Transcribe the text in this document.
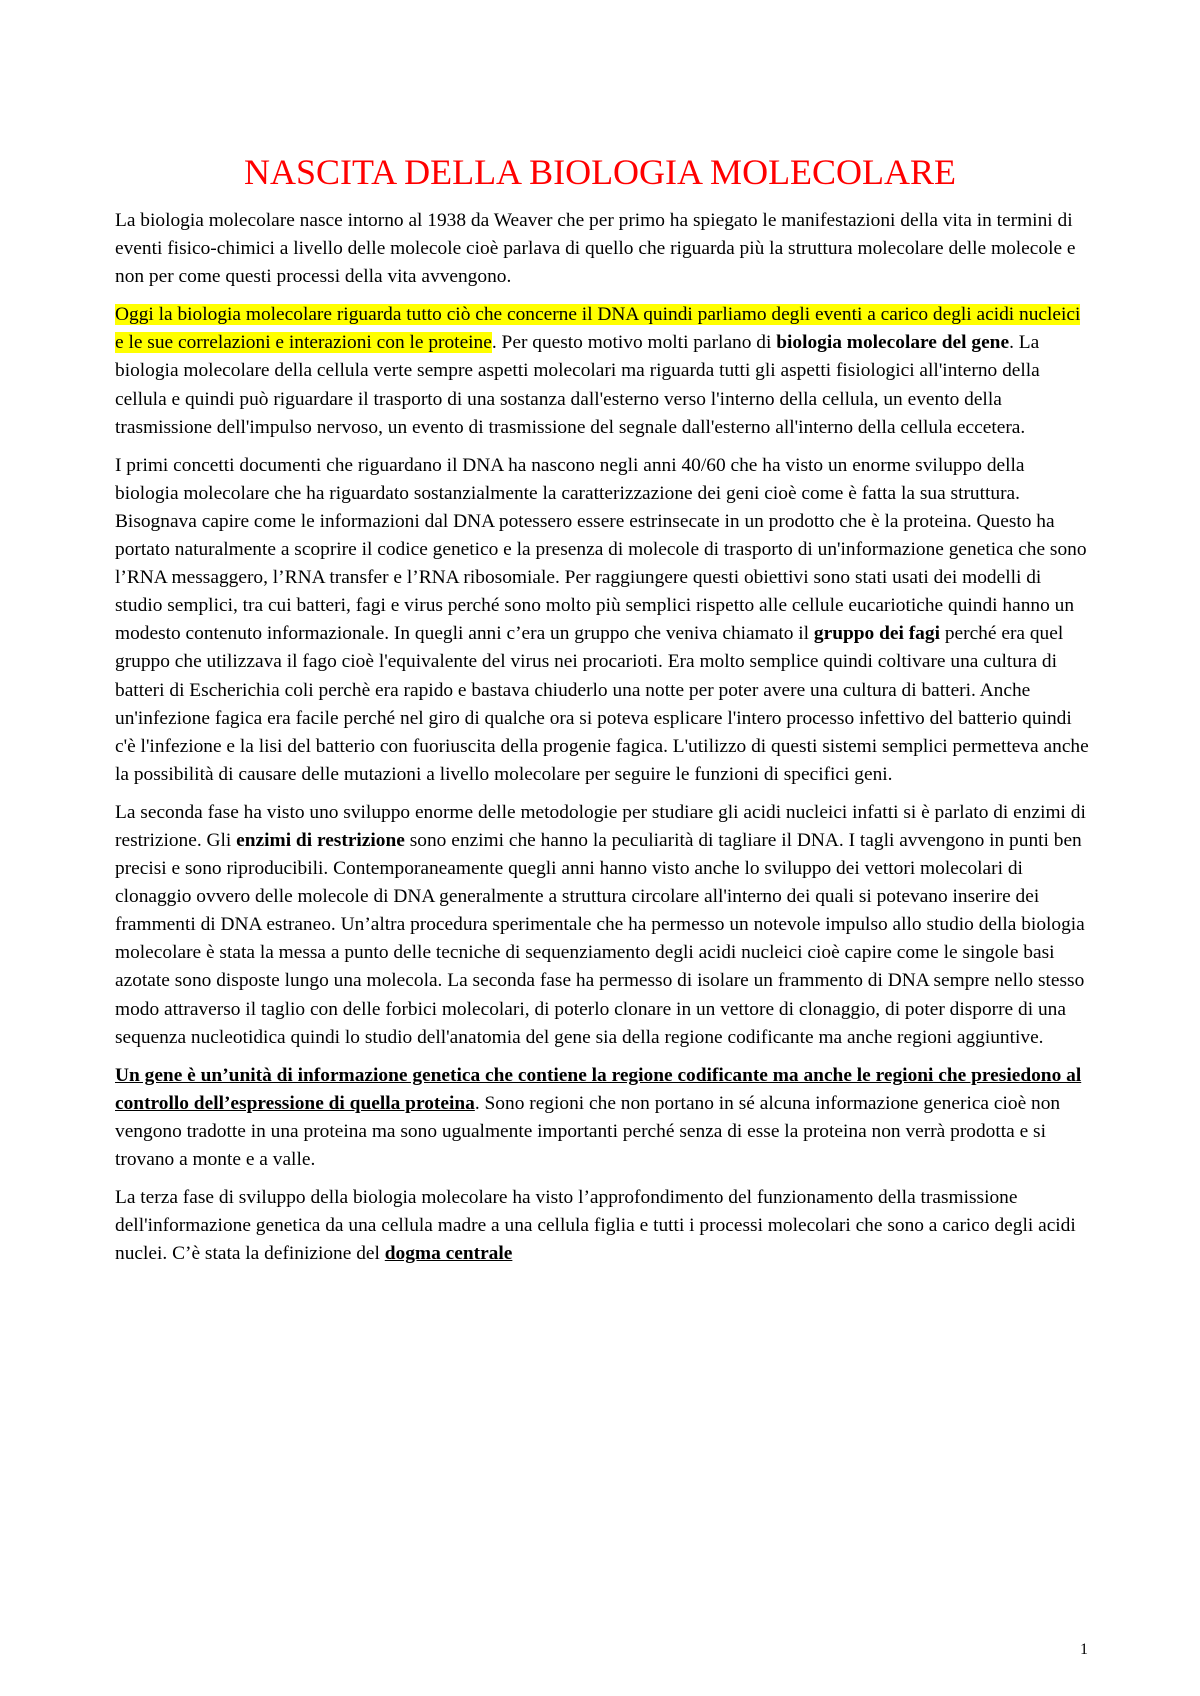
NASCITA DELLA BIOLOGIA MOLECOLARE

La biologia molecolare nasce intorno al 1938 da Weaver che per primo ha spiegato le manifestazioni della vita in termini di eventi fisico-chimici a livello delle molecole cioè parlava di quello che riguarda più la struttura molecolare delle molecole e non per come questi processi della vita avvengono.

Oggi la biologia molecolare riguarda tutto ciò che concerne il DNA quindi parliamo degli eventi a carico degli acidi nucleici e le sue correlazioni e interazioni con le proteine. Per questo motivo molti parlano di biologia molecolare del gene. La biologia molecolare della cellula verte sempre aspetti molecolari ma riguarda tutti gli aspetti fisiologici all'interno della cellula e quindi può riguardare il trasporto di una sostanza dall'esterno verso l'interno della cellula, un evento della trasmissione dell'impulso nervoso, un evento di trasmissione del segnale dall'esterno all'interno della cellula eccetera.

I primi concetti documenti che riguardano il DNA ha nascono negli anni 40/60 che ha visto un enorme sviluppo della biologia molecolare che ha riguardato sostanzialmente la caratterizzazione dei geni cioè come è fatta la sua struttura. Bisognava capire come le informazioni dal DNA potessero essere estrinsecate in un prodotto che è la proteina. Questo ha portato naturalmente a scoprire il codice genetico e la presenza di molecole di trasporto di un'informazione genetica che sono l’RNA messaggero, l’RNA transfer e l’RNA ribosomiale. Per raggiungere questi obiettivi sono stati usati dei modelli di studio semplici, tra cui batteri, fagi e virus perché sono molto più semplici rispetto alle cellule eucariotiche quindi hanno un modesto contenuto informazionale. In quegli anni c’era un gruppo che veniva chiamato il gruppo dei fagi perché era quel gruppo che utilizzava il fago cioè l'equivalente del virus nei procarioti. Era molto semplice quindi coltivare una cultura di batteri di Escherichia coli perchè era rapido e bastava chiuderlo una notte per poter avere una cultura di batteri. Anche un'infezione fagica era facile perché nel giro di qualche ora si poteva esplicare l'intero processo infettivo del batterio quindi c'è l'infezione e la lisi del batterio con fuoriuscita della progenie fagica. L'utilizzo di questi sistemi semplici permetteva anche la possibilità di causare delle mutazioni a livello molecolare per seguire le funzioni di specifici geni.

La seconda fase ha visto uno sviluppo enorme delle metodologie per studiare gli acidi nucleici infatti si è parlato di enzimi di restrizione. Gli enzimi di restrizione sono enzimi che hanno la peculiarità di tagliare il DNA. I tagli avvengono in punti ben precisi e sono riproducibili. Contemporaneamente quegli anni hanno visto anche lo sviluppo dei vettori molecolari di clonaggio ovvero delle molecole di DNA generalmente a struttura circolare all'interno dei quali si potevano inserire dei frammenti di DNA estraneo. Un’altra procedura sperimentale che ha permesso un notevole impulso allo studio della biologia molecolare è stata la messa a punto delle tecniche di sequenziamento degli acidi nucleici cioè capire come le singole basi azotate sono disposte lungo una molecola. La seconda fase ha permesso di isolare un frammento di DNA sempre nello stesso modo attraverso il taglio con delle forbici molecolari, di poterlo clonare in un vettore di clonaggio, di poter disporre di una sequenza nucleotidica quindi lo studio dell'anatomia del gene sia della regione codificante ma anche regioni aggiuntive.

Un gene è un’unità di informazione genetica che contiene la regione codificante ma anche le regioni che presiedono al controllo dell’espressione di quella proteina. Sono regioni che non portano in sé alcuna informazione generica cioè non vengono tradotte in una proteina ma sono ugualmente importanti perché senza di esse la proteina non verrà prodotta e si trovano a monte e a valle.

La terza fase di sviluppo della biologia molecolare ha visto l’approfondimento del funzionamento della trasmissione dell'informazione genetica da una cellula madre a una cellula figlia e tutti i processi molecolari che sono a carico degli acidi nuclei. C’è stata la definizione del dogma centrale

1
